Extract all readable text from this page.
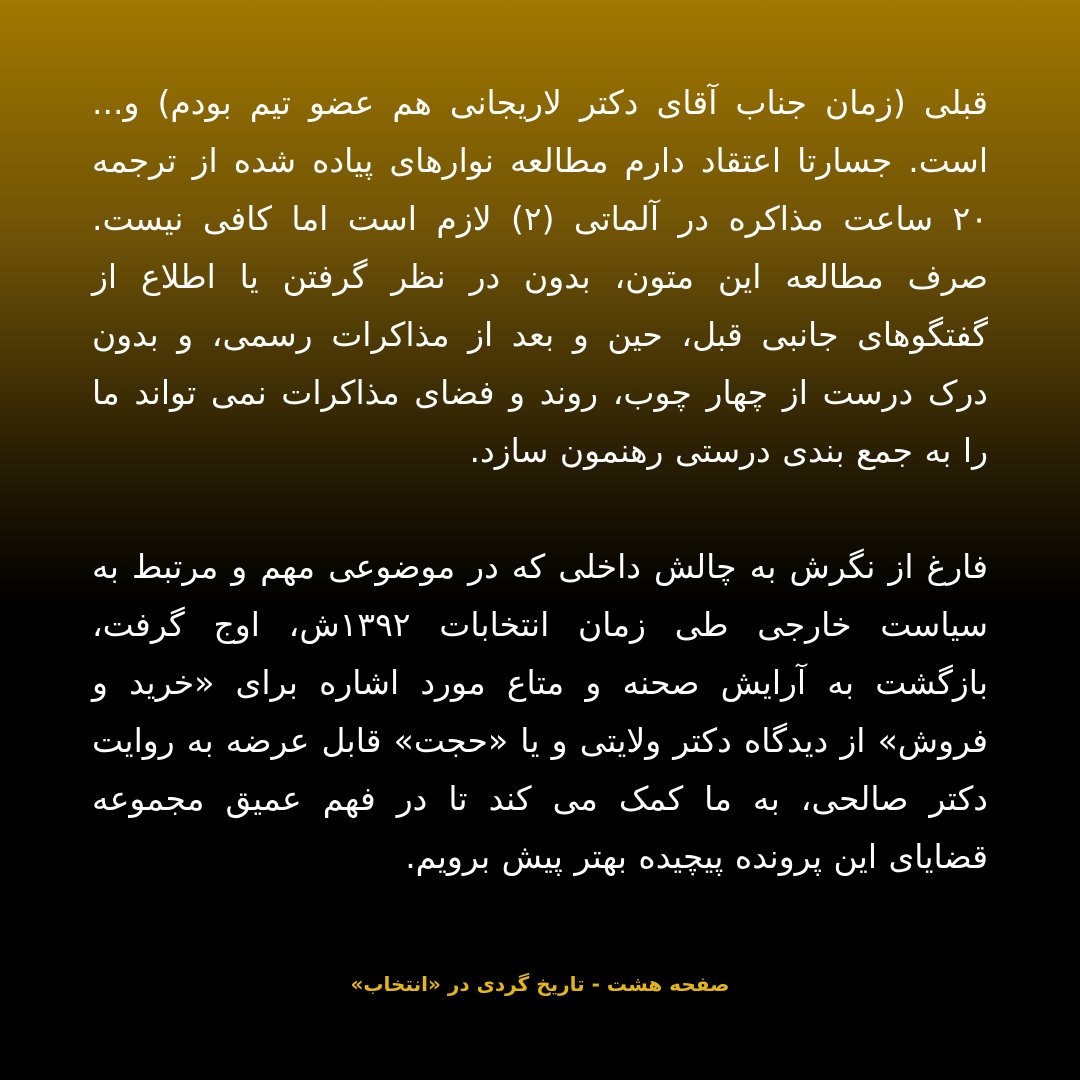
قبلی (زمان جناب آقای دکتر لاریجانی هم عضو تیم بودم) و... است. جسارتا اعتقاد دارم مطالعه نوارهای پیاده شده از ترجمه ۲۰ ساعت مذاکره در آلماتی (۲) لازم است اما کافی نیست. صرف مطالعه این متون، بدون در نظر گرفتن یا اطلاع از گفتگوهای جانبی قبل، حین و بعد از مذاکرات رسمی، و بدون درک درست از چهار چوب، روند و فضای مذاکرات نمی تواند ما را به جمع بندی درستی رهنمون سازد.

فارغ از نگرش به چالش داخلی که در موضوعی مهم و مرتبط به سیاست خارجی طی زمان انتخابات ۱۳۹۲ش، اوج گرفت، بازگشت به آرایش صحنه و متاع مورد اشاره برای «خرید و فروش» از دیدگاه دکتر ولایتی و یا «حجت» قابل عرضه به روایت دکتر صالحی، به ما کمک می کند تا در فهم عمیق مجموعه قضایای این پرونده پیچیده بهتر پیش برویم.

صفحه هشت - تاریخ گردی در «انتخاب»
